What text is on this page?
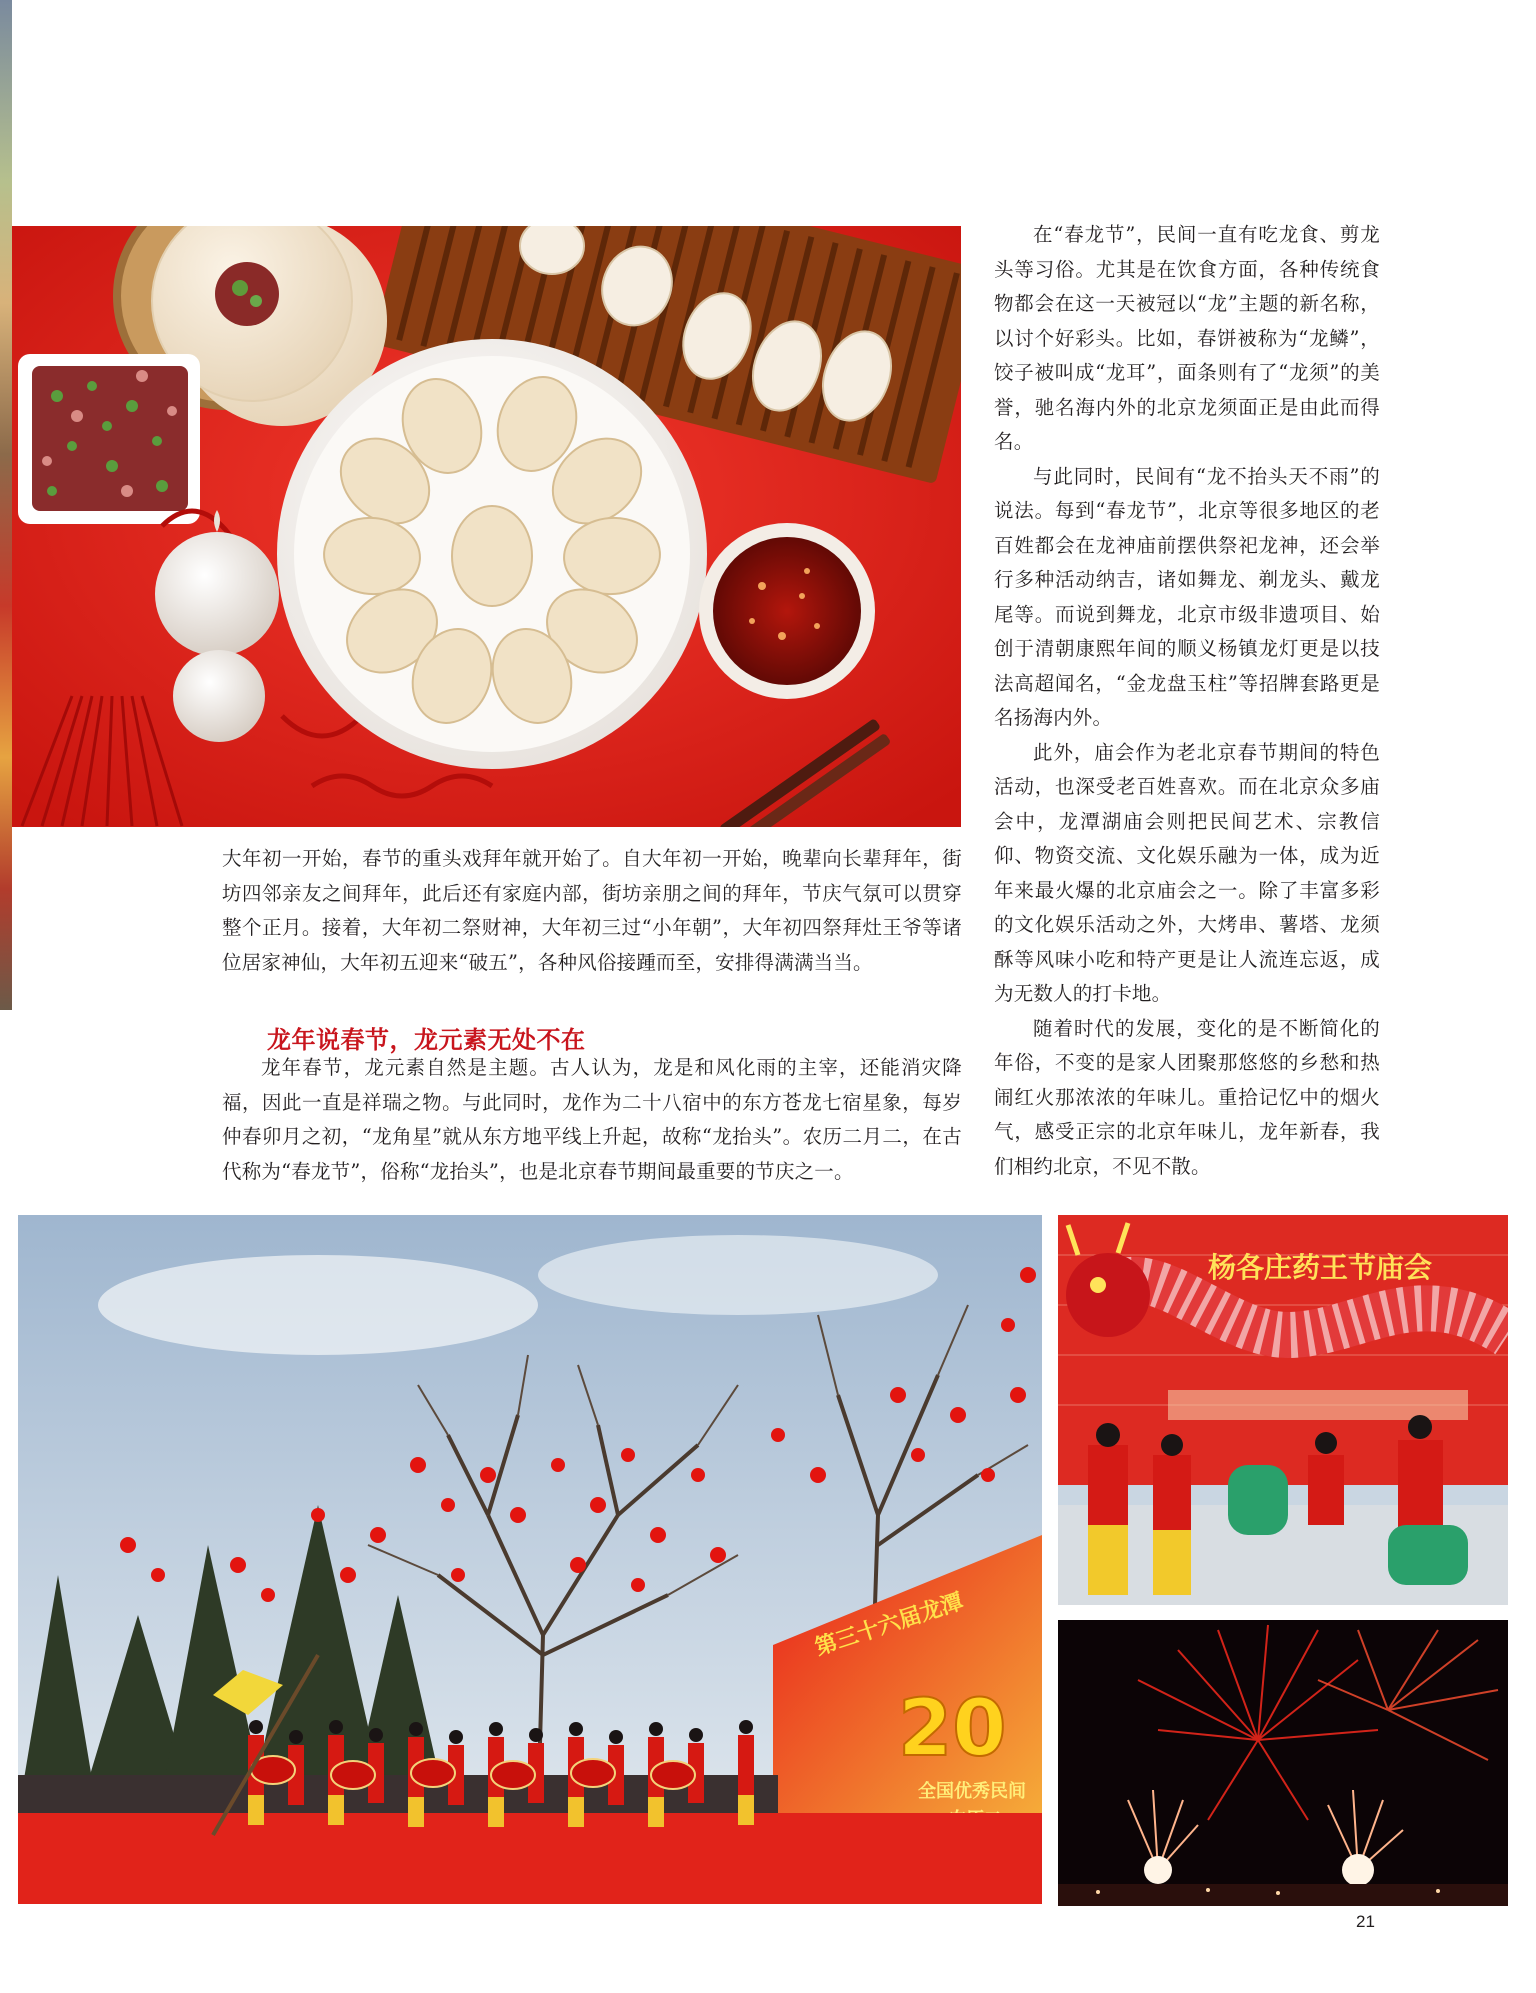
在“春龙节”，民间一直有吃龙食、剪龙头等习俗。尤其是在饮食方面，各种传统食物都会在这一天被冠以“龙”主题的新名称，以讨个好彩头。比如，春饼被称为“龙鳞”，饺子被叫成“龙耳”，面条则有了“龙须”的美誉，驰名海内外的北京龙须面正是由此而得名。

与此同时，民间有“龙不抬头天不雨”的说法。每到“春龙节”，北京等很多地区的老百姓都会在龙神庙前摆供祭祀龙神，还会举行多种活动纳吉，诸如舞龙、剃龙头、戴龙尾等。而说到舞龙，北京市级非遗项目、始创于清朝康熙年间的顺义杨镇龙灯更是以技法高超闻名，“金龙盘玉柱”等招牌套路更是名扬海内外。

此外，庙会作为老北京春节期间的特色活动，也深受老百姓喜欢。而在北京众多庙会中，龙潭湖庙会则把民间艺术、宗教信仰、物资交流、文化娱乐融为一体，成为近年来最火爆的北京庙会之一。除了丰富多彩的文化娱乐活动之外，大烤串、薯塔、龙须酥等风味小吃和特产更是让人流连忘返，成为无数人的打卡地。

随着时代的发展，变化的是不断简化的年俗，不变的是家人团聚那悠悠的乡愁和热闹红火那浓浓的年味儿。重拾记忆中的烟火气，感受正宗的北京年味儿，龙年新春，我们相约北京，不见不散。

大年初一开始，春节的重头戏拜年就开始了。自大年初一开始，晚辈向长辈拜年，街坊四邻亲友之间拜年，此后还有家庭内部，街坊亲朋之间的拜年，节庆气氛可以贯穿整个正月。接着，大年初二祭财神，大年初三过“小年朝”，大年初四祭拜灶王爷等诸位居家神仙，大年初五迎来“破五”，各种风俗接踵而至，安排得满满当当。

龙年说春节，龙元素无处不在

龙年春节，龙元素自然是主题。古人认为，龙是和风化雨的主宰，还能消灾降福，因此一直是祥瑞之物。与此同时，龙作为二十八宿中的东方苍龙七宿星象，每岁仲春卯月之初，“龙角星”就从东方地平线上升起，故称“龙抬头”。农历二月二，在古代称为“春龙节”，俗称“龙抬头”，也是北京春节期间最重要的节庆之一。

第三十六届龙潭
20
全国优秀民间
杨各庄药王节庙会
21
